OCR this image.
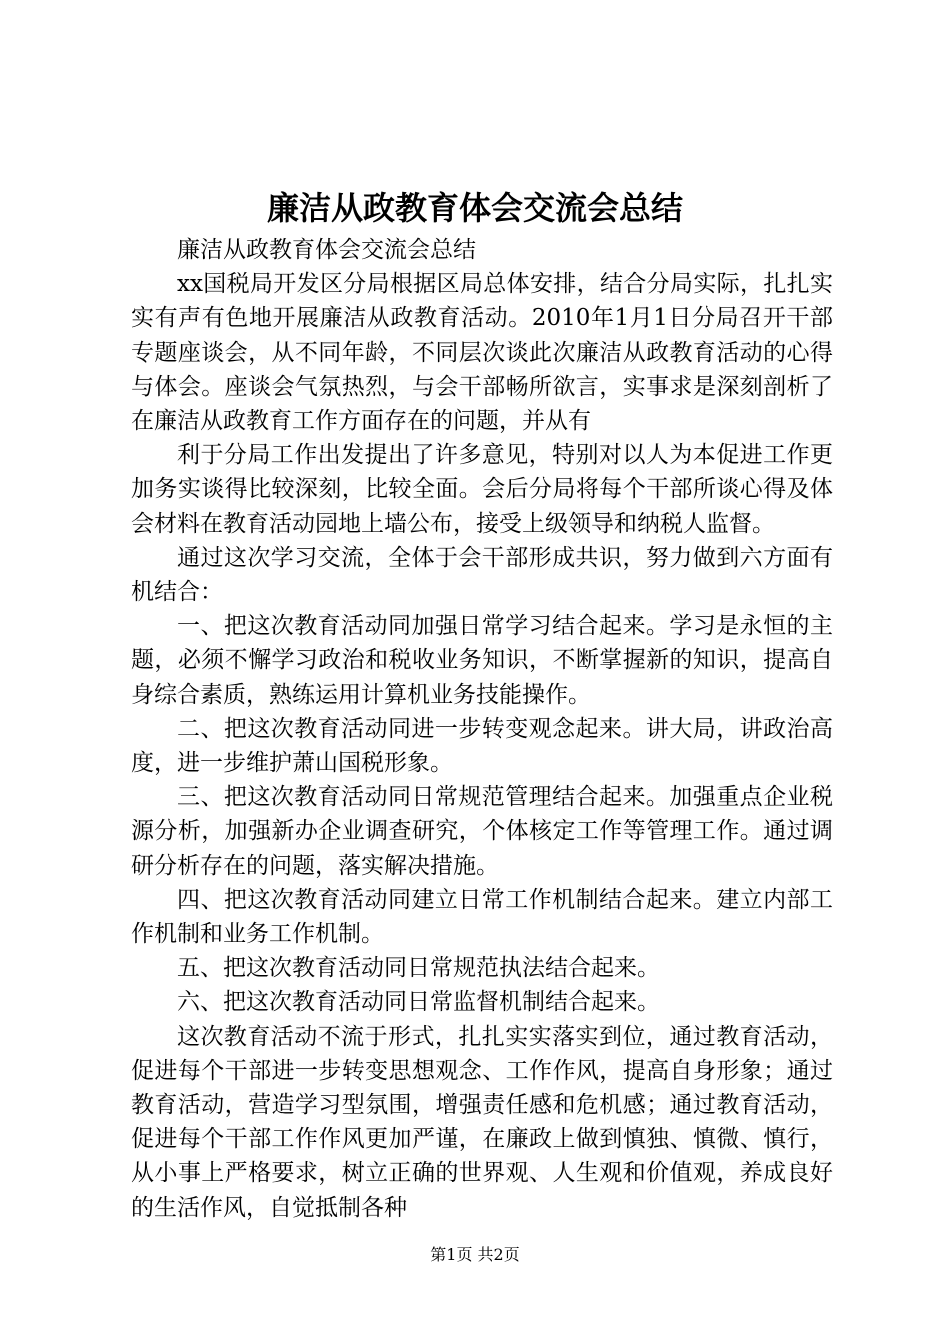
廉洁从政教育体会交流会总结

廉洁从政教育体会交流会总结

xx国税局开发区分局根据区局总体安排，结合分局实际，扎扎实实有声有色地开展廉洁从政教育活动。2010年1月1日分局召开干部专题座谈会，从不同年龄，不同层次谈此次廉洁从政教育活动的心得与体会。座谈会气氛热烈，与会干部畅所欲言，实事求是深刻剖析了在廉洁从政教育工作方面存在的问题，并从有

利于分局工作出发提出了许多意见，特别对以人为本促进工作更加务实谈得比较深刻，比较全面。会后分局将每个干部所谈心得及体会材料在教育活动园地上墙公布，接受上级领导和纳税人监督。

通过这次学习交流，全体于会干部形成共识，努力做到六方面有机结合：

一、把这次教育活动同加强日常学习结合起来。学习是永恒的主题，必须不懈学习政治和税收业务知识，不断掌握新的知识，提高自身综合素质，熟练运用计算机业务技能操作。

二、把这次教育活动同进一步转变观念起来。讲大局，讲政治高度，进一步维护萧山国税形象。

三、把这次教育活动同日常规范管理结合起来。加强重点企业税源分析，加强新办企业调查研究，个体核定工作等管理工作。通过调研分析存在的问题，落实解决措施。

四、把这次教育活动同建立日常工作机制结合起来。建立内部工作机制和业务工作机制。

五、把这次教育活动同日常规范执法结合起来。

六、把这次教育活动同日常监督机制结合起来。

这次教育活动不流于形式，扎扎实实落实到位，通过教育活动，促进每个干部进一步转变思想观念、工作作风，提高自身形象；通过教育活动，营造学习型氛围，增强责任感和危机感；通过教育活动，促进每个干部工作作风更加严谨，在廉政上做到慎独、慎微、慎行，从小事上严格要求，树立正确的世界观、人生观和价值观，养成良好的生活作风，自觉抵制各种

第1页 共2页
